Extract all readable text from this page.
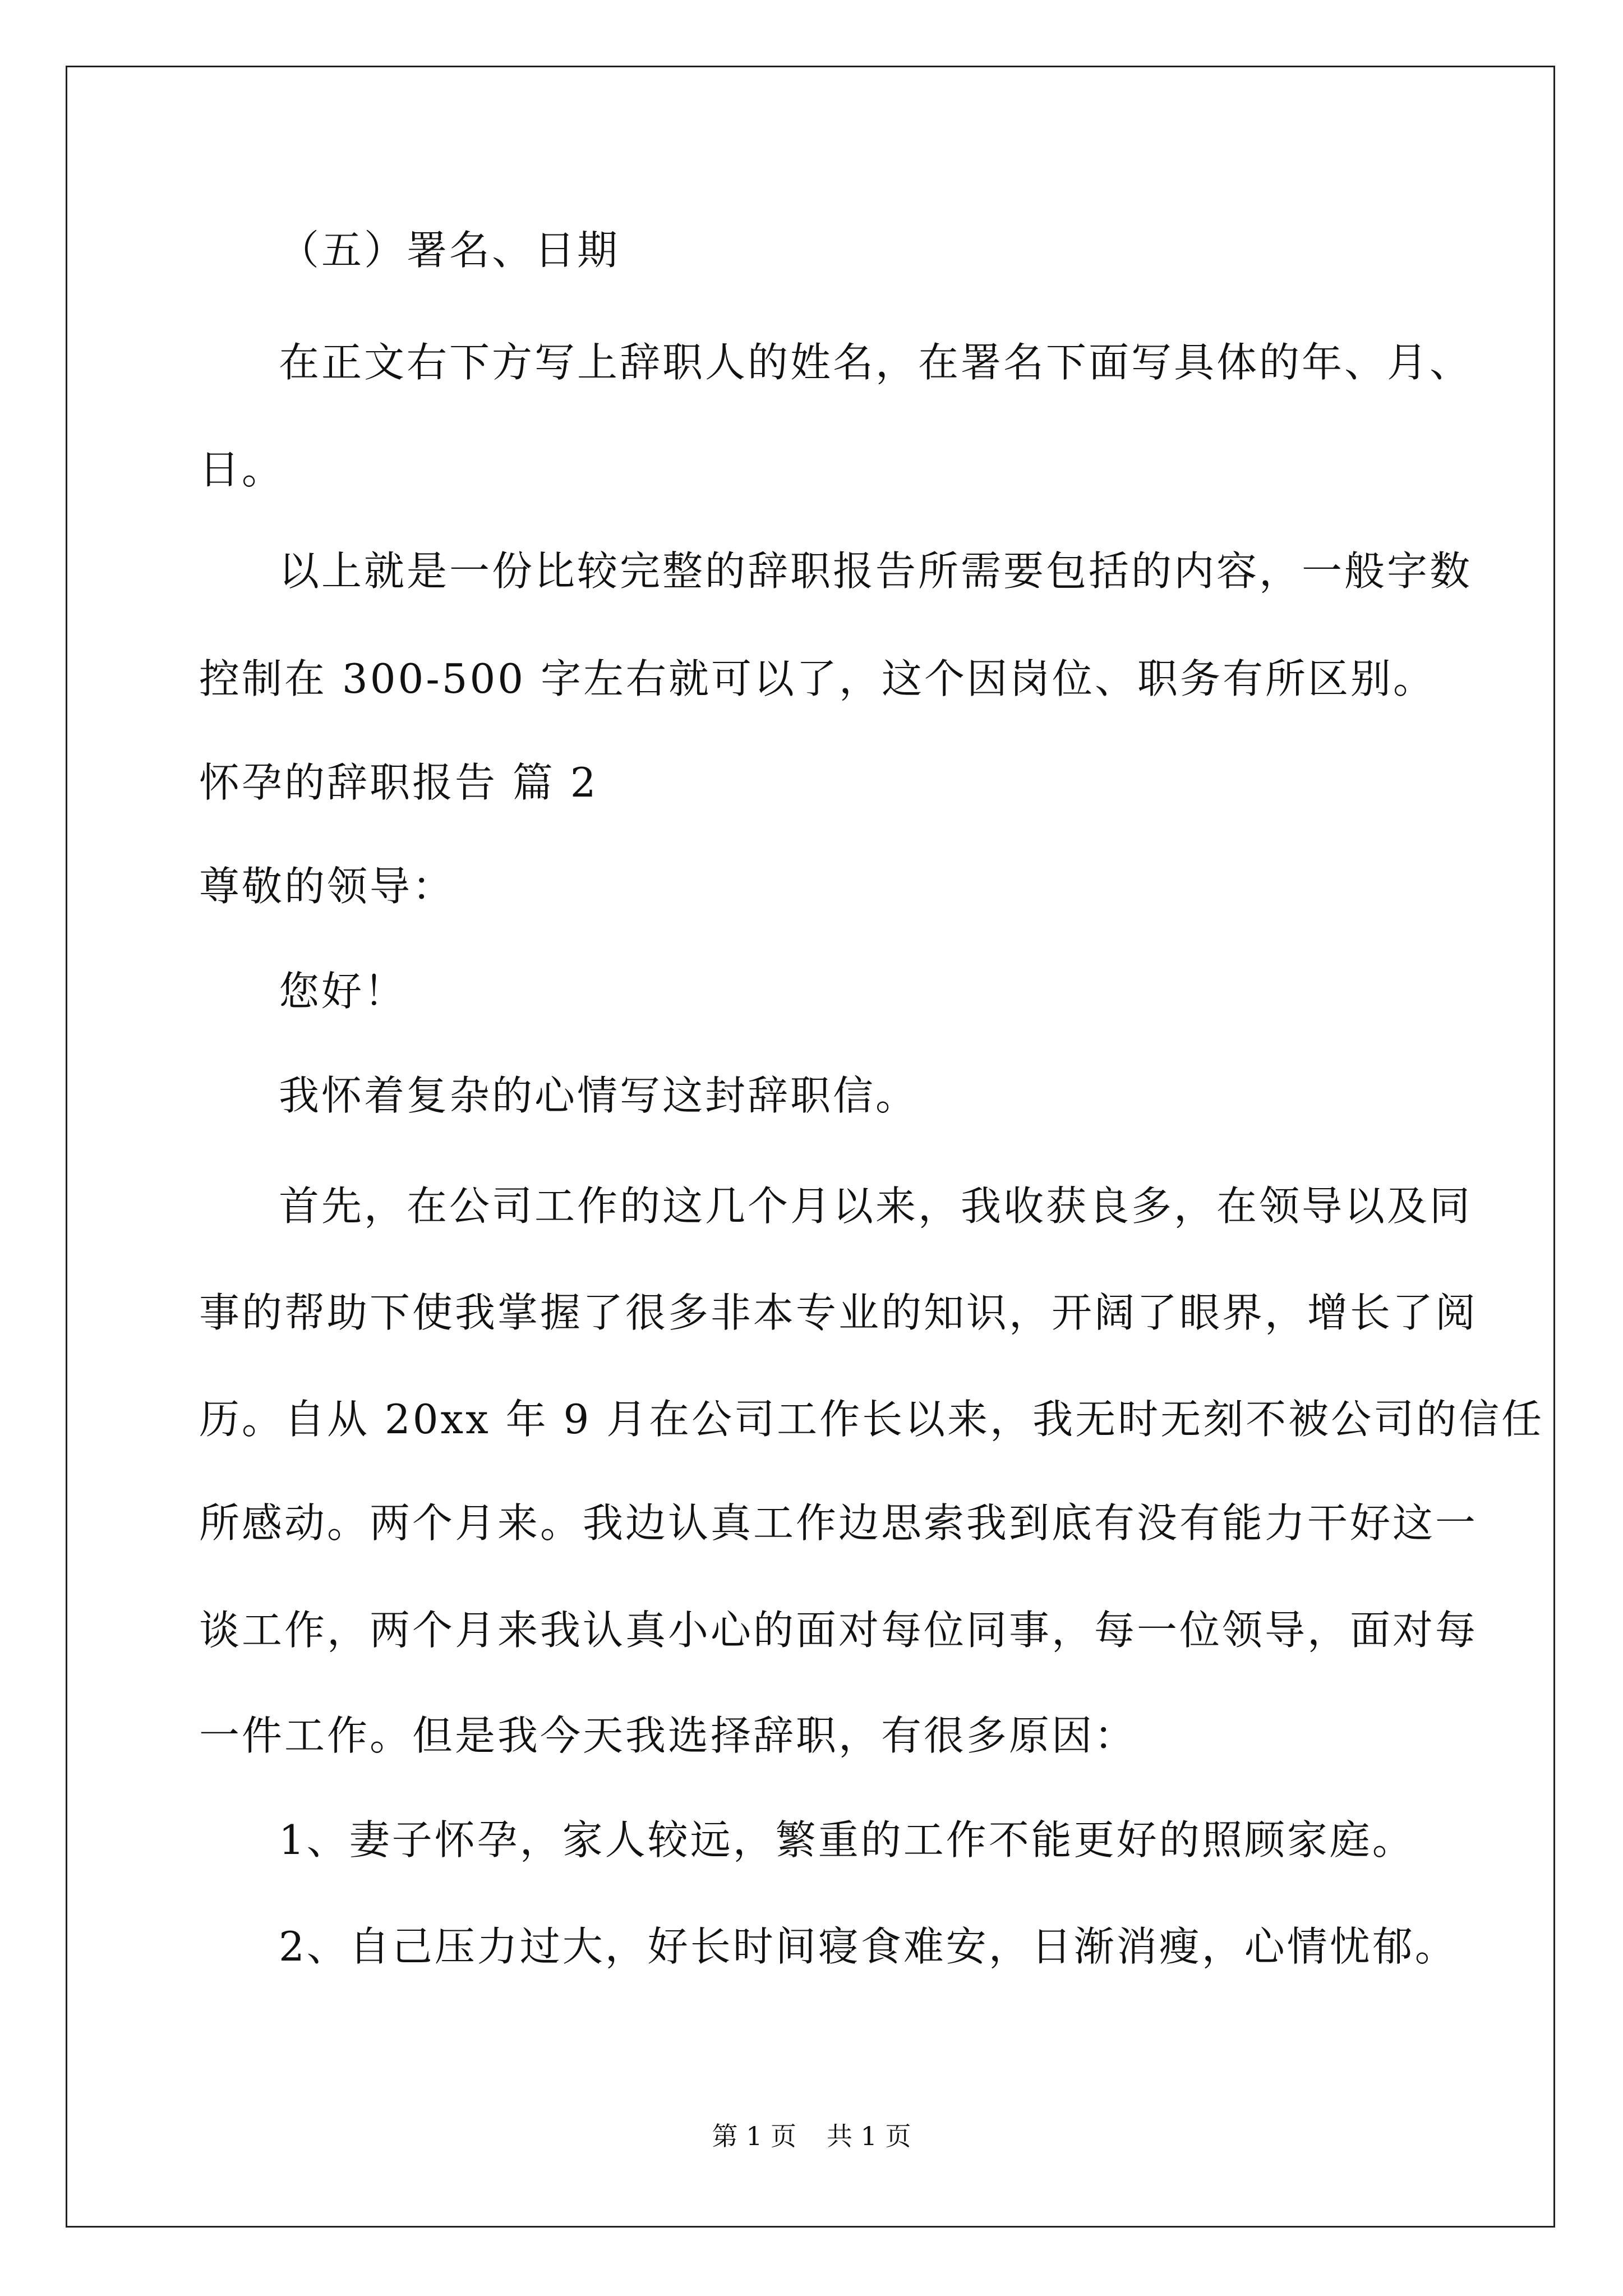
（五）署名、日期
在正文右下方写上辞职人的姓名，在署名下面写具体的年、月、
日。
以上就是一份比较完整的辞职报告所需要包括的内容，一般字数
控制在 300-500 字左右就可以了，这个因岗位、职务有所区别。
怀孕的辞职报告 篇 2
尊敬的领导：
您好！
我怀着复杂的心情写这封辞职信。
首先，在公司工作的这几个月以来，我收获良多，在领导以及同
事的帮助下使我掌握了很多非本专业的知识，开阔了眼界，增长了阅
历。自从 20xx 年 9 月在公司工作长以来，我无时无刻不被公司的信任
所感动。两个月来。我边认真工作边思索我到底有没有能力干好这一
谈工作，两个月来我认真小心的面对每位同事，每一位领导，面对每
一件工作。但是我今天我选择辞职，有很多原因：
1、妻子怀孕，家人较远，繁重的工作不能更好的照顾家庭。
2、自己压力过大，好长时间寝食难安，日渐消瘦，心情忧郁。
第 1 页 共 1 页
